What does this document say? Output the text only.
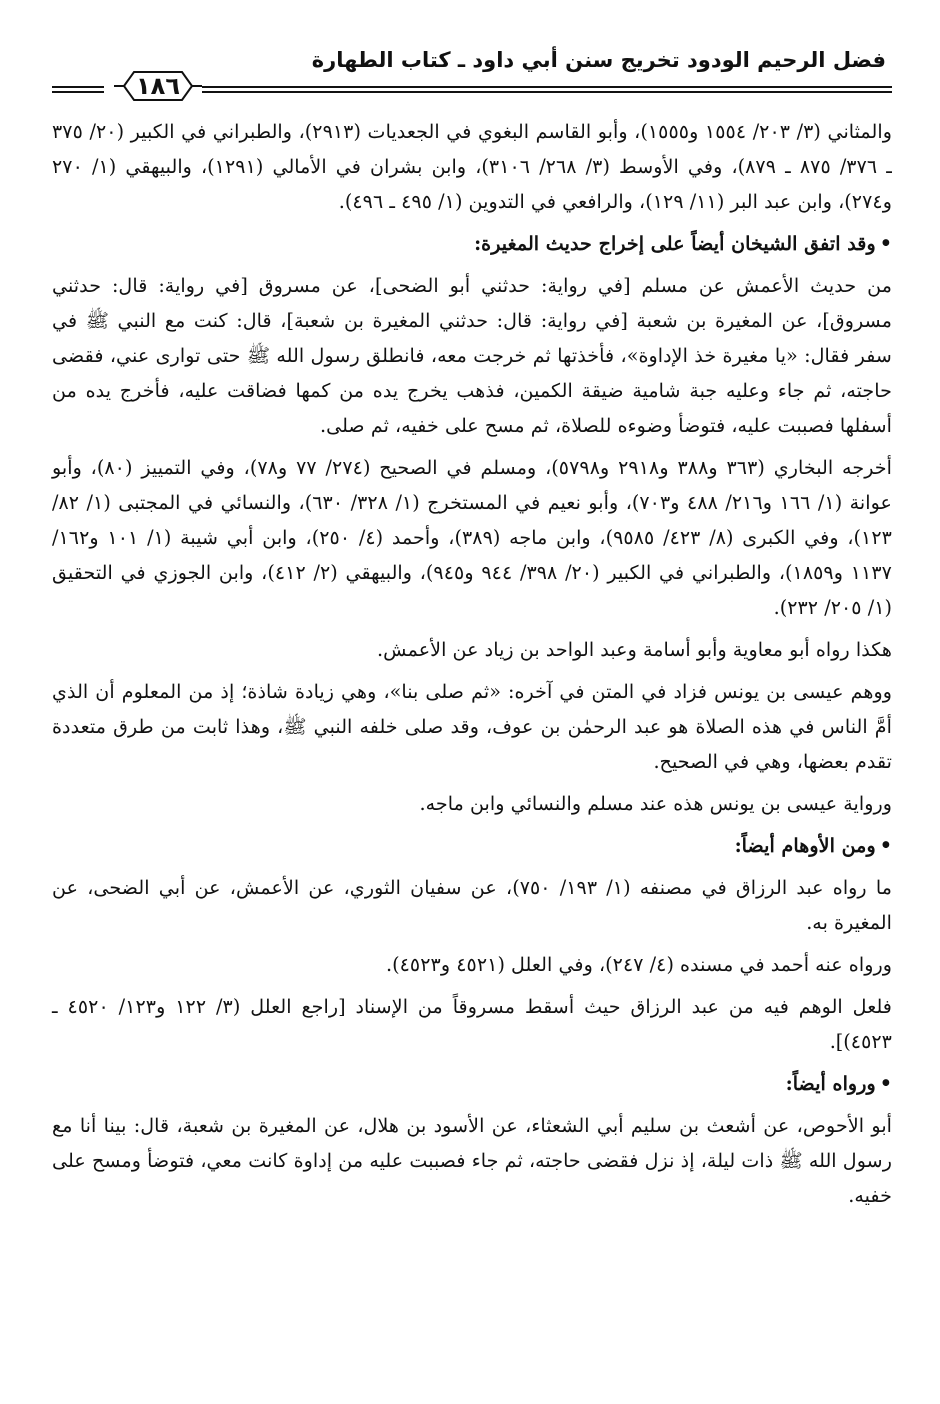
فضل الرحيم الودود تخريج سنن أبي داود ـ كتاب الطهارة
١٨٦

والمثاني (٣/ ٢٠٣/ ١٥٥٤ و١٥٥٥)، وأبو القاسم البغوي في الجعديات (٢٩١٣)، والطبراني في الكبير (٢٠/ ٣٧٥ ـ ٣٧٦/ ٨٧٥ ـ ٨٧٩)، وفي الأوسط (٣/ ٢٦٨/ ٣١٠٦)، وابن بشران في الأمالي (١٢٩١)، والبيهقي (١/ ٢٧٠ و٢٧٤)، وابن عبد البر (١١/ ١٢٩)، والرافعي في التدوين (١/ ٤٩٥ ـ ٤٩٦).

•وقد اتفق الشيخان أيضاً على إخراج حديث المغيرة:

من حديث الأعمش عن مسلم [في رواية: حدثني أبو الضحى]، عن مسروق [في رواية: قال: حدثني مسروق]، عن المغيرة بن شعبة [في رواية: قال: حدثني المغيرة بن شعبة]، قال: كنت مع النبي ﷺ في سفر فقال: «يا مغيرة خذ الإداوة»، فأخذتها ثم خرجت معه، فانطلق رسول الله ﷺ حتى توارى عني، فقضى حاجته، ثم جاء وعليه جبة شامية ضيقة الكمين، فذهب يخرج يده من كمها فضاقت عليه، فأخرج يده من أسفلها فصببت عليه، فتوضأ وضوءه للصلاة، ثم مسح على خفيه، ثم صلى.

أخرجه البخاري (٣٦٣ و٣٨٨ و٢٩١٨ و٥٧٩٨)، ومسلم في الصحيح (٢٧٤/ ٧٧ و٧٨)، وفي التمييز (٨٠)، وأبو عوانة (١/ ١٦٦ و٢١٦/ ٤٨٨ و٧٠٣)، وأبو نعيم في المستخرج (١/ ٣٢٨/ ٦٣٠)، والنسائي في المجتبى (١/ ٨٢/ ١٢٣)، وفي الكبرى (٨/ ٤٢٣/ ٩٥٨٥)، وابن ماجه (٣٨٩)، وأحمد (٤/ ٢٥٠)، وابن أبي شيبة (١/ ١٠١ و١٦٢/ ١١٣٧ و١٨٥٩)، والطبراني في الكبير (٢٠/ ٣٩٨/ ٩٤٤ و٩٤٥)، والبيهقي (٢/ ٤١٢)، وابن الجوزي في التحقيق (١/ ٢٠٥/ ٢٣٢).

هكذا رواه أبو معاوية وأبو أسامة وعبد الواحد بن زياد عن الأعمش.

ووهم عيسى بن يونس فزاد في المتن في آخره: «ثم صلى بنا»، وهي زيادة شاذة؛ إذ من المعلوم أن الذي أمَّ الناس في هذه الصلاة هو عبد الرحمٰن بن عوف، وقد صلى خلفه النبي ﷺ، وهذا ثابت من طرق متعددة تقدم بعضها، وهي في الصحيح.

ورواية عيسى بن يونس هذه عند مسلم والنسائي وابن ماجه.

•ومن الأوهام أيضاً:

ما رواه عبد الرزاق في مصنفه (١/ ١٩٣/ ٧٥٠)، عن سفيان الثوري، عن الأعمش، عن أبي الضحى، عن المغيرة به.

ورواه عنه أحمد في مسنده (٤/ ٢٤٧)، وفي العلل (٤٥٢١ و٤٥٢٣).

فلعل الوهم فيه من عبد الرزاق حيث أسقط مسروقاً من الإسناد [راجع العلل (٣/ ١٢٢ و١٢٣/ ٤٥٢٠ ـ ٤٥٢٣)].

•ورواه أيضاً:

أبو الأحوص، عن أشعث بن سليم أبي الشعثاء، عن الأسود بن هلال، عن المغيرة بن شعبة، قال: بينا أنا مع رسول الله ﷺ ذات ليلة، إذ نزل فقضى حاجته، ثم جاء فصببت عليه من إداوة كانت معي، فتوضأ ومسح على خفيه.
